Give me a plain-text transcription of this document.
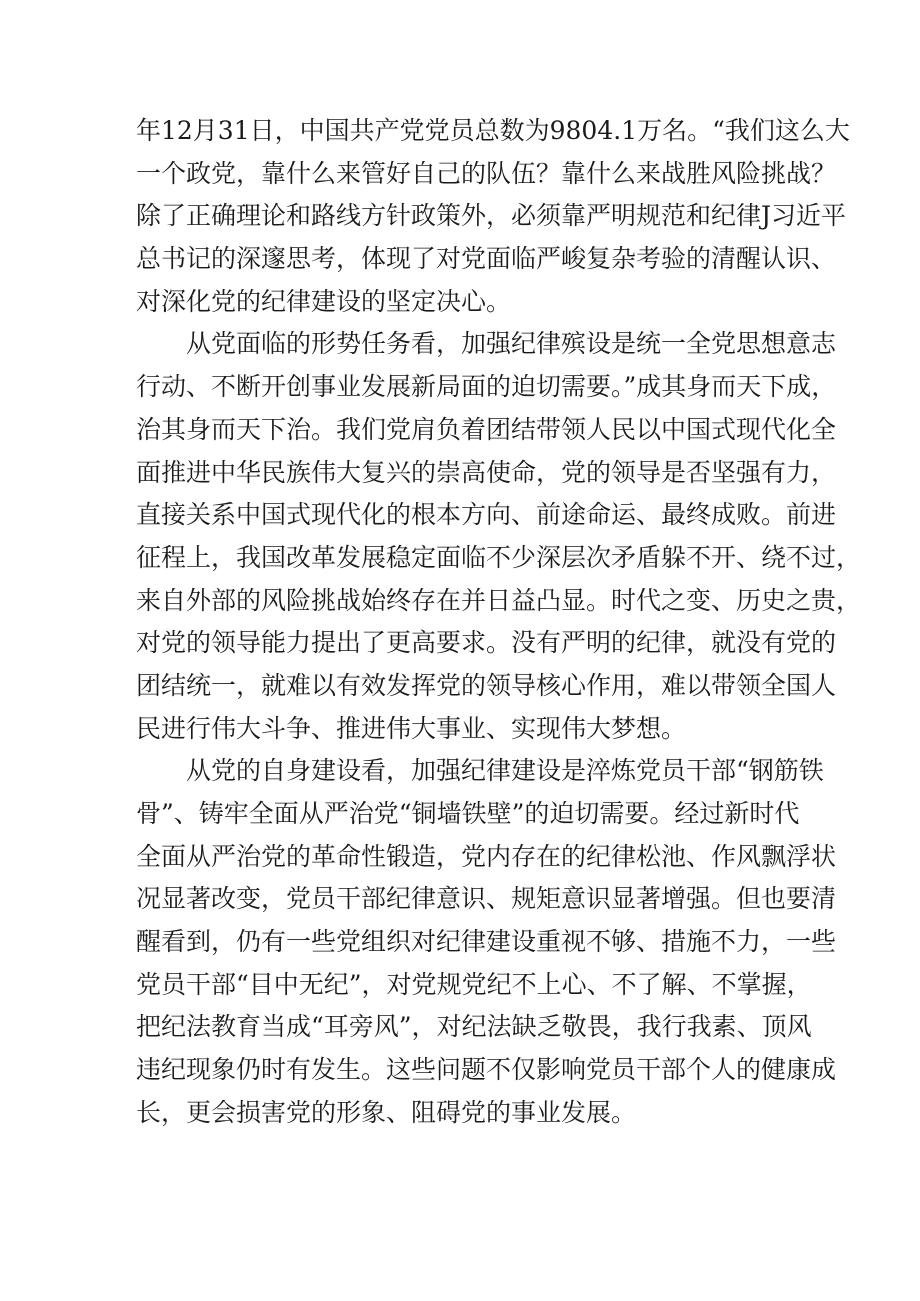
年12月31日，中国共产党党员总数为9804.1万名。“我们这么大
一个政党，靠什么来管好自己的队伍？靠什么来战胜风险挑战？
除了正确理论和路线方针政策外，必须靠严明规范和纪律J习近平
总书记的深邃思考，体现了对党面临严峻复杂考验的清醒认识、
对深化党的纪律建设的坚定决心。
从党面临的形势任务看，加强纪律殡设是统一全党思想意志
行动、不断开创事业发展新局面的迫切需要。”成其身而天下成，
治其身而天下治。我们党肩负着团结带领人民以中国式现代化全
面推进中华民族伟大复兴的崇高使命，党的领导是否坚强有力，
直接关系中国式现代化的根本方向、前途命运、最终成败。前进
征程上，我国改革发展稳定面临不少深层次矛盾躲不开、绕不过，
来自外部的风险挑战始终存在并日益凸显。时代之变、历史之贵，
对党的领导能力提出了更高要求。没有严明的纪律，就没有党的
团结统一，就难以有效发挥党的领导核心作用，难以带领全国人
民进行伟大斗争、推进伟大事业、实现伟大梦想。
从党的自身建设看，加强纪律建设是淬炼党员干部“钢筋铁
骨”、铸牢全面从严治党“铜墙铁壁”的迫切需要。经过新时代
全面从严治党的革命性锻造，党内存在的纪律松池、作风飘浮状
况显著改变，党员干部纪律意识、规矩意识显著增强。但也要清
醒看到，仍有一些党组织对纪律建设重视不够、措施不力，一些
党员干部“目中无纪”，对党规党纪不上心、不了解、不掌握，
把纪法教育当成“耳旁风”，对纪法缺乏敬畏，我行我素、顶风
违纪现象仍时有发生。这些问题不仅影响党员干部个人的健康成
长，更会损害党的形象、阻碍党的事业发展。
